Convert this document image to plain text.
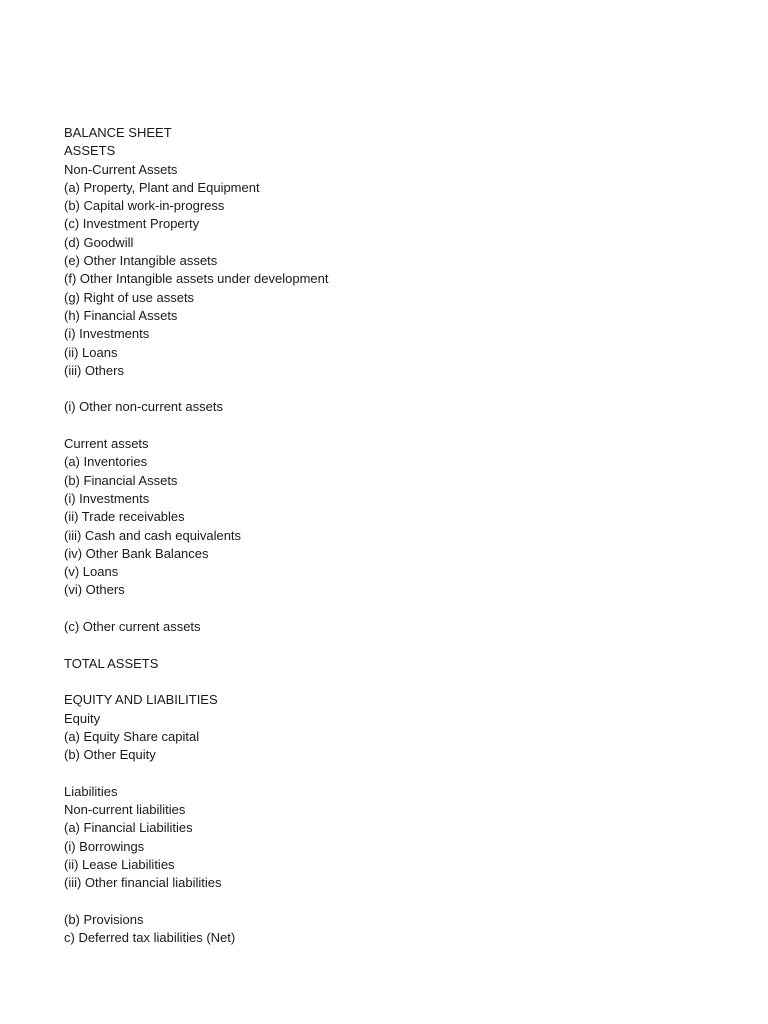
BALANCE SHEET
ASSETS
Non-Current Assets
(a) Property, Plant and Equipment
(b) Capital work-in-progress
(c) Investment Property
(d) Goodwill
(e) Other Intangible assets
(f) Other Intangible assets under development
(g) Right of use assets
(h) Financial Assets
(i) Investments
(ii) Loans
(iii) Others
(i) Other non-current assets
Current assets
(a) Inventories
(b) Financial Assets
(i) Investments
(ii) Trade receivables
(iii) Cash and cash equivalents
(iv) Other Bank Balances
(v) Loans
(vi) Others
(c) Other current assets
TOTAL ASSETS
EQUITY AND LIABILITIES
Equity
(a) Equity Share capital
(b) Other Equity
Liabilities
Non-current liabilities
(a) Financial Liabilities
(i) Borrowings
(ii) Lease Liabilities
(iii) Other financial liabilities
(b) Provisions
c) Deferred tax liabilities (Net)
